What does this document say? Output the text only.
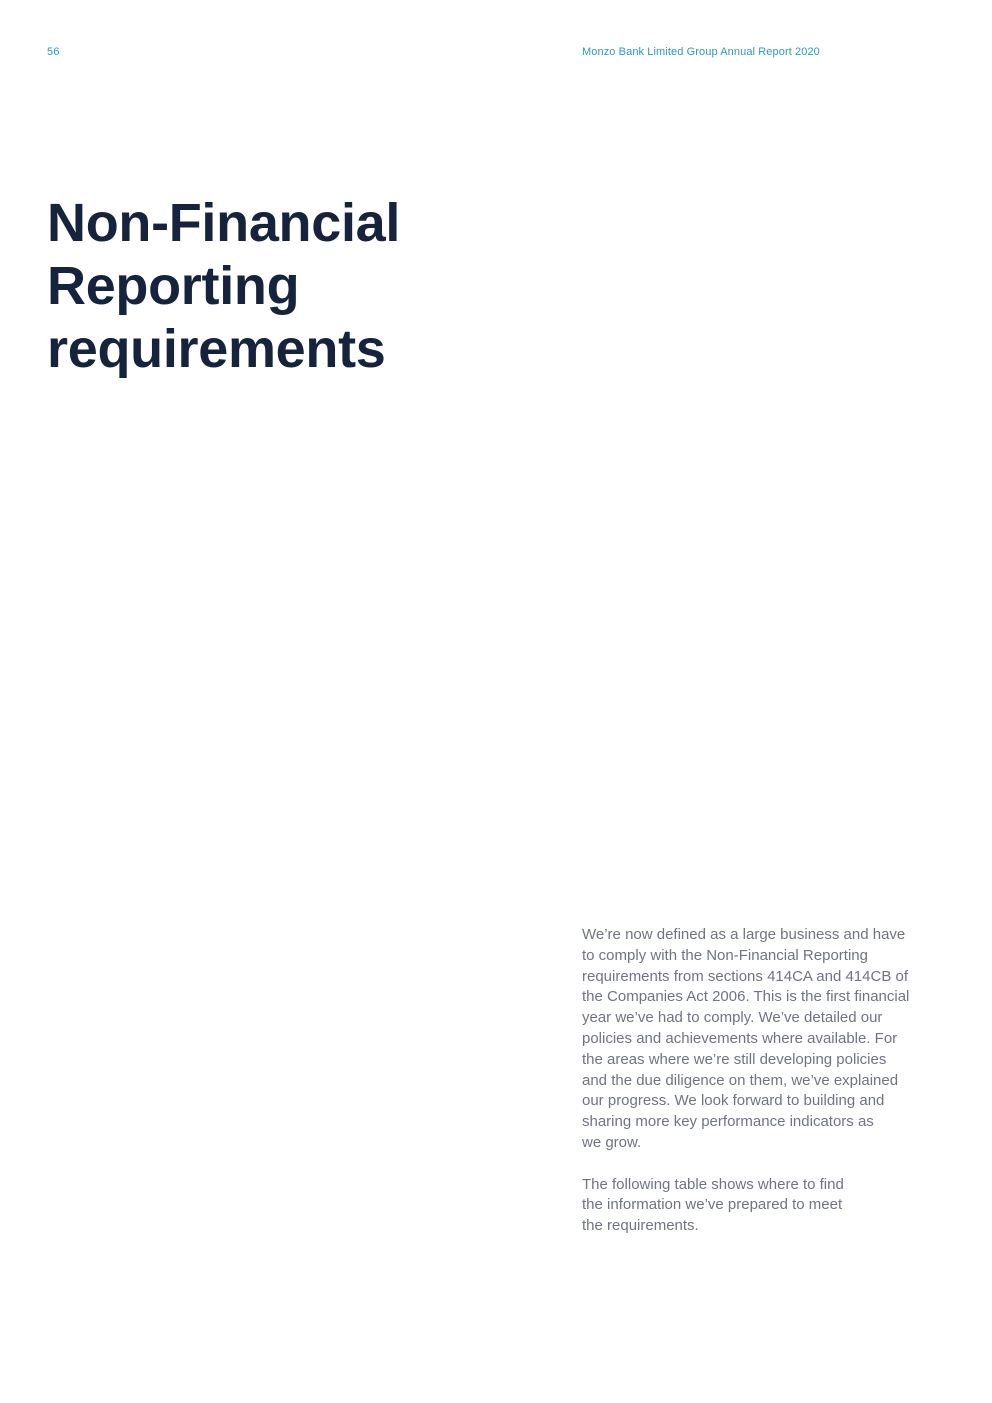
56	Monzo Bank Limited Group Annual Report 2020
Non-Financial
Reporting
requirements

We’re now defined as a large business and have
to comply with the Non-Financial Reporting
requirements from sections 414CA and 414CB of
the Companies Act 2006. This is the first financial
year we’ve had to comply. We’ve detailed our
policies and achievements where available. For
the areas where we’re still developing policies
and the due diligence on them, we’ve explained
our progress. We look forward to building and
sharing more key performance indicators as
we grow.

The following table shows where to find
the information we’ve prepared to meet
the requirements.
